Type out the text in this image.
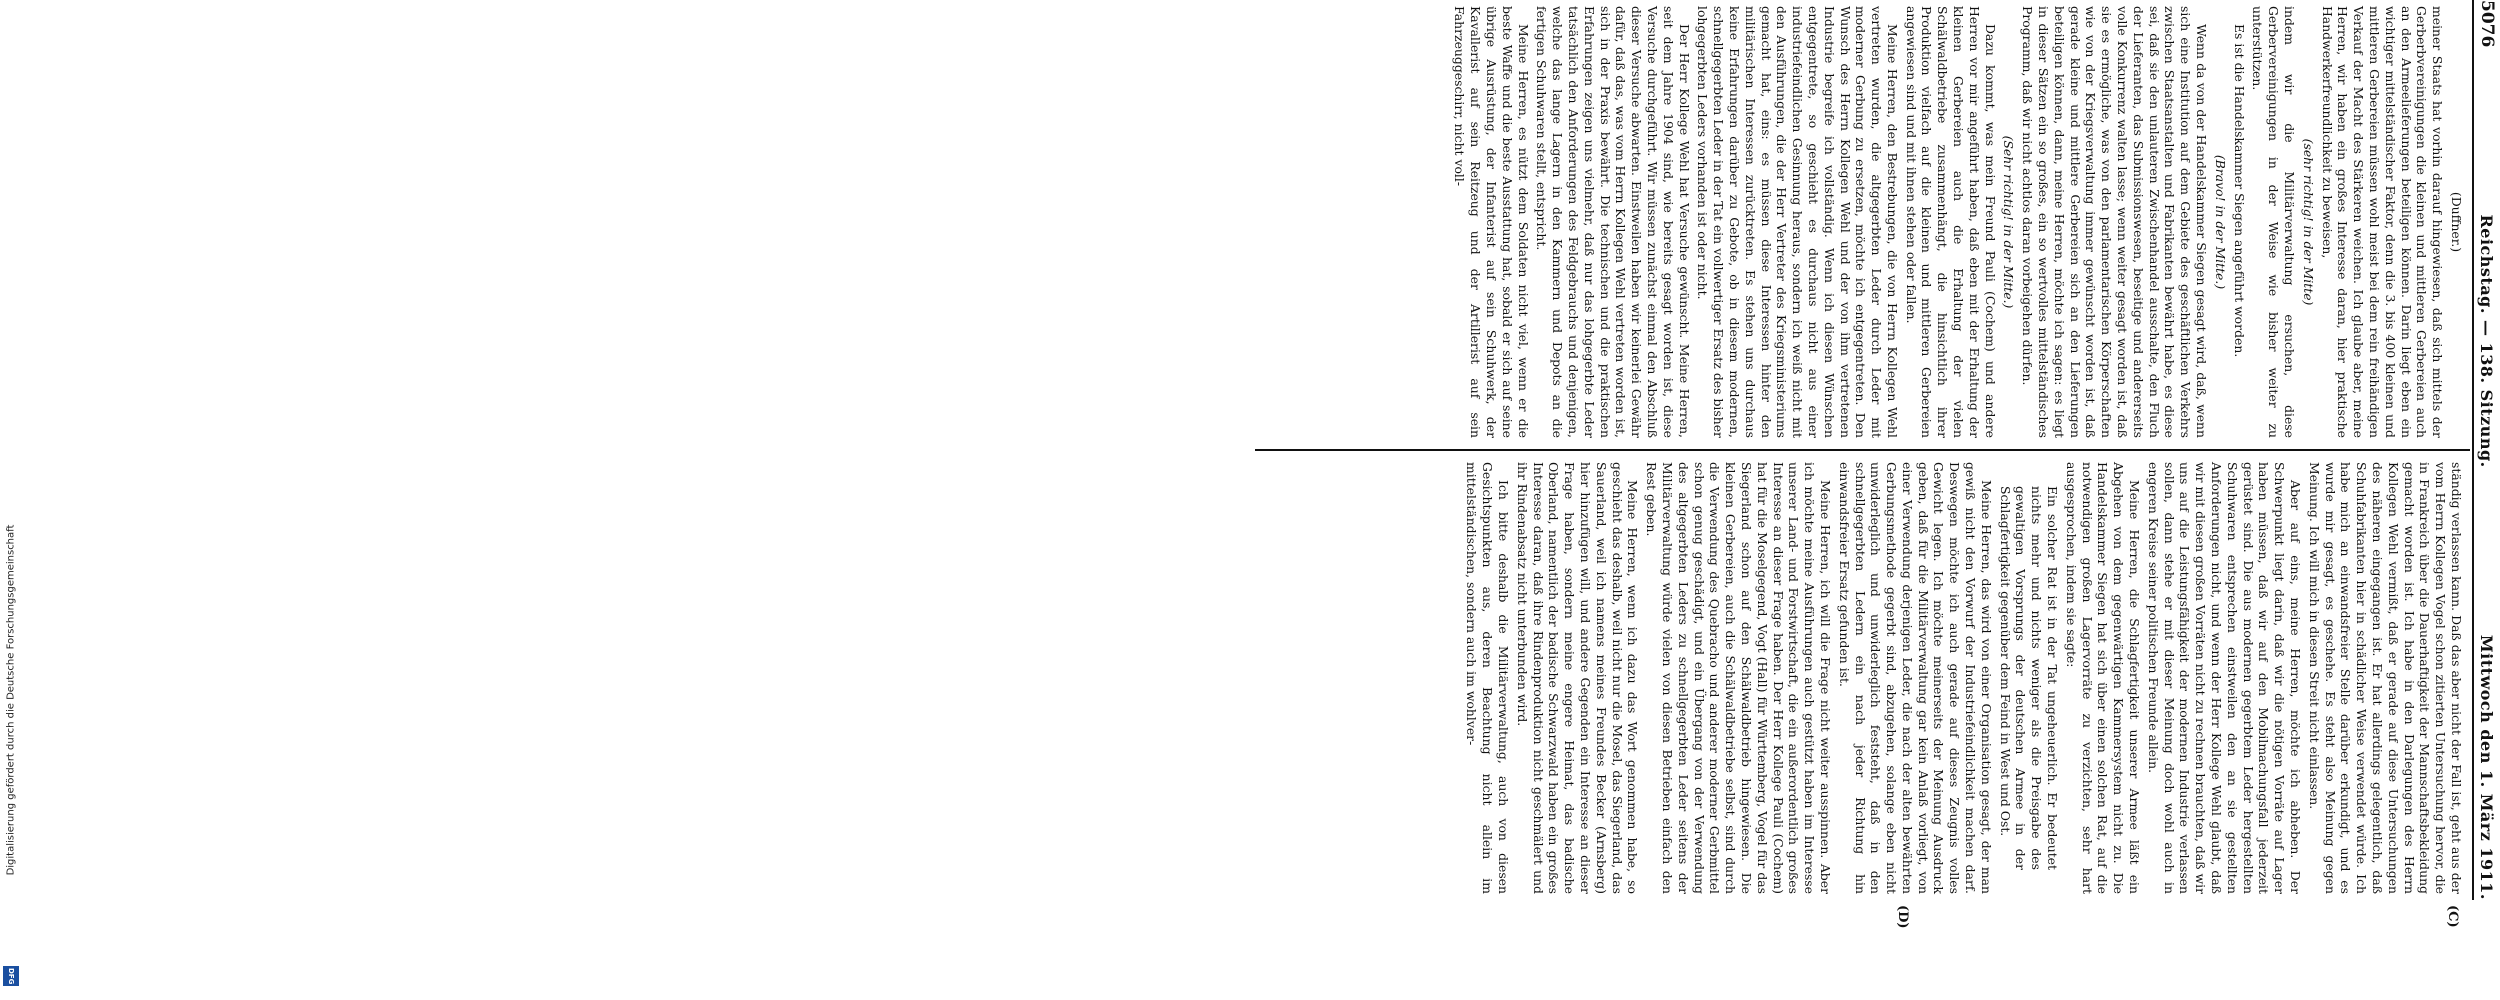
Digitalisierung gefördert durch die Deutsche Forschungsgemeinschaft
DFG
5076
Reichstag. — 138. Sitzung.
Mittwoch den 1. März 1911.
(C)
(D)

(Duffner.)

meiner Staats hat vorhin darauf hingewiesen, daß sich mittels der Gerberbvereinigungen die kleinen und mittleren Gerbereien auch an den Armeelieferungen beteiligen können. Darin liegt eben ein wichtiger mittelständischer Faktor, denn die 3. bis 400 kleinen und mittleren Gerbereien müssen wohl meist bei dem rein freihändigen Verkauf der Macht des Stärkeren weichen. Ich glaube aber, meine Herren, wir haben ein großes Interesse daran, hier praktische Handwerkerfreundlichkeit zu beweisen,

(sehr richtig! in der Mitte)

indem wir die Militärverwaltung ersuchen, diese Gerbervereinigungen in der Weise wie bisher weiter zu unterstützen.

Es ist die Handelskammer Siegen angeführt worden.

(Bravo! in der Mitte.)

Wenn da von der Handelskammer Siegen gesagt wird, daß, wenn sich eine Institution auf dem Gebiete des geschäftlichen Verkehrs zwischen Staatsanstalten und Fabrikanten bewährt habe, es diese sei, daß sie den unlauteren Zwischenhandel ausschalte, den Fluch der Lieferanten, das Submissionswesen, beseitige und andererseits volle Konkurrenz walten lasse; wenn weiter gesagt worden ist, daß sie es ermögliche, was von den parlamentarischen Körperschaften wie von der Kriegsverwaltung immer gewünscht worden ist, daß gerade kleine und mittlere Gerbereien sich an den Lieferungen beteiligen können, dann, meine Herren, möchte ich sagen: es liegt in dieser Sätzen ein so großes, ein so wertvolles mittelständisches Programm, daß wir nicht achtlos daran vorbeigehen dürfen.

(Sehr richtig! in der Mitte.)

Dazu kommt, was mein Freund Pauli (Cochem) und andere Herren vor mir angeführt haben, daß eben mit der Erhaltung der kleinen Gerbereien auch die Erhaltung der vielen Schälwaldbetriebe zusammenhängt, die hinsichtlich ihrer Produktion vielfach auf die kleinen und mittleren Gerbereien angewiesen sind und mit ihnen stehen oder fallen.

Meine Herren, den Bestrebungen, die von Herrn Kollegen Wehl vertreten wurden, die altgegerbten Leder durch Leder mit moderner Gerbung zu ersetzen, möchte ich entgegentreten. Den Wunsch des Herrn Kollegen Wehl und der von ihm vertretenen Industrie begreife ich vollständig. Wenn ich diesen Wünschen entgegentrete, so geschieht es durchaus nicht aus einer industriefeindlichen Gesinnung heraus, sondern ich weiß nicht mit den Ausführungen, die der Herr Vertreter des Kriegsministeriums gemacht hat, eins: es müssen diese Interessen hinter den militärischen Interessen zurücktreten. Es stehen uns durchaus keine Erfahrungen darüber zu Gebote, ob in diesem modernen, schnellgegerbten Leder in der Tat ein vollwertiger Ersatz des bisher lohgegerbten Leders vorhanden ist oder nicht.

Der Herr Kollege Wehl hat Versuche gewünscht. Meine Herren, seit dem Jahre 1904 sind, wie bereits gesagt worden ist, diese Versuche durchgeführt. Wir müssen zunächst einmal den Abschluß dieser Versuche abwarten. Einstweilen haben wir keinerlei Gewähr dafür, daß das, was vom Herrn Kollegen Wehl vertreten worden ist, sich in der Praxis bewährt. Die technischen und die praktischen Erfahrungen zeigen uns vielmehr, daß nur das lohgegerbte Leder tatsächlich den Anforderungen des Feldgebrauchs und denjenigen, welche das lange Lagern in den Kammern und Depots an die fertigen Schuhwaren stellt, entspricht.

Meine Herren, es nützt dem Soldaten nicht viel, wenn er die beste Waffe und die beste Ausstattung hat, sobald er sich auf seine übrige Ausrüstung, der Infanterist auf sein Schuhwerk, der Kavallerist auf sein Reitzeug und der Artillerist auf sein Fahrzeuggeschirr, nicht voll-

ständig verlassen kann. Daß das aber nicht der Fall ist, geht aus der vom Herrn Kollegen Vogel schon zitierten Untersuchung hervor, die in Frankreich über die Dauerhaftigkeit der Mannschaftsbekleidung gemacht worden ist. Ich habe in den Darlegungen des Herrn Kollegen Wehl vermißt, daß er gerade auf diese Untersuchungen des näheren eingegangen ist. Er hat allerdings gelegentlich, daß Schuhfabrikanten hier in schädlicher Weise verwendet würde. Ich habe mich an einwandsfreier Stelle darüber erkundigt, und es wurde mir gesagt, es geschehe. Es steht also Meinung gegen Meinung. Ich will mich in diesen Streit nicht einlassen.

Aber auf eins, meine Herren, möchte ich abheben. Der Schwerpunkt liegt darin, daß wir die nötigen Vorräte auf Lager haben müssen, daß wir auf den Mobilmachungsfall jederzeit gerüstet sind. Die aus modernen gegerbtem Leder hergestellten Schuhwaren entsprechen einstweilen den an sie gestellten Anforderungen nicht, und wenn der Herr Kollege Wehl glaubt, daß wir mit diesen großen Vorräten nicht zu rechnen brauchten, daß wir uns auf die Leistungsfähigkeit der modernen Industrie verlassen sollen, dann stehe er mit dieser Meinung doch wohl auch in engeren Kreise seiner politischen Freunde allein.

Meine Herren, die Schlagfertigkeit unserer Armee läßt ein Abgehen von dem gegenwärtigen Kammersystem nicht zu. Die Handelskammer Siegen hat sich über einen solchen Rat, auf die notwendigen großen Lagervorräte zu verzichten, sehr hart ausgesprochen, indem sie sagte:

Ein solcher Rat ist in der Tat ungeheuerlich. Er bedeutet nichts mehr und nichts weniger als die Preisgabe des gewaltigen Vorsprungs der deutschen Armee in der Schlagfertigkeit gegenüber dem Feind in West und Ost.

Meine Herren, das wird von einer Organisation gesagt, der man gewiß nicht den Vorwurf der Industriefeindlichkeit machen darf. Deswegen möchte ich auch gerade auf dieses Zeugnis volles Gewicht legen. Ich möchte meinerseits der Meinung Ausdruck geben, daß für die Militärverwaltung gar kein Anlaß vorliegt, von einer Verwendung derjenigen Leder, die nach der alten bewährten Gerbungsmethode gegerbt sind, abzugehen, solange eben nicht unwiderleglich und unwiderleglich feststeht, daß in den schnellgegerbten Ledern ein nach jeder Richtung hin einwandsfreier Ersatz gefunden ist.

Meine Herren, ich will die Frage nicht weiter ausspinnen. Aber ich möchte meine Ausführungen auch gestützt haben im Interesse unserer Land- und Forstwirtschaft, die ein außerordentlich großes Interesse an dieser Frage haben. Der Herr Kollege Pauli (Cochem) hat für die Moselgegend, Vogt (Hall) für Württemberg, Vogel für das Siegerland schon auf den Schälwaldbetrieb hingewiesen. Die kleinen Gerbereien, auch die Schälwaldbetriebe selbst, sind durch die Verwendung des Quebracho und anderer moderner Gerbmittel schon genug geschädigt, und ein Übergang von der Verwendung des altgegerbten Leders zu schnellgegerbten Leder seitens der Militärverwaltung würde vielen von diesen Betrieben einfach den Rest geben.

Meine Herren, wenn ich dazu das Wort genommen habe, so geschieht das deshalb, weil nicht nur die Mosel, das Siegerland, das Sauerland, weil ich namens meines Freundes Becker (Arnsberg) hier hinzufügen will, und andere Gegenden ein Interesse an dieser Frage haben, sondern meine engere Heimat, das badische Oberland, namentlich der badische Schwarzwald haben ein großes Interesse daran, daß ihre Rindenproduktion nicht geschmälert und ihr Rindenabsatz nicht unterbunden wird.

Ich bitte deshalb die Militärverwaltung, auch von diesen Gesichtspunkten aus, deren Beachtung nicht allein im mittelständischen, sondern auch im wohlver-
